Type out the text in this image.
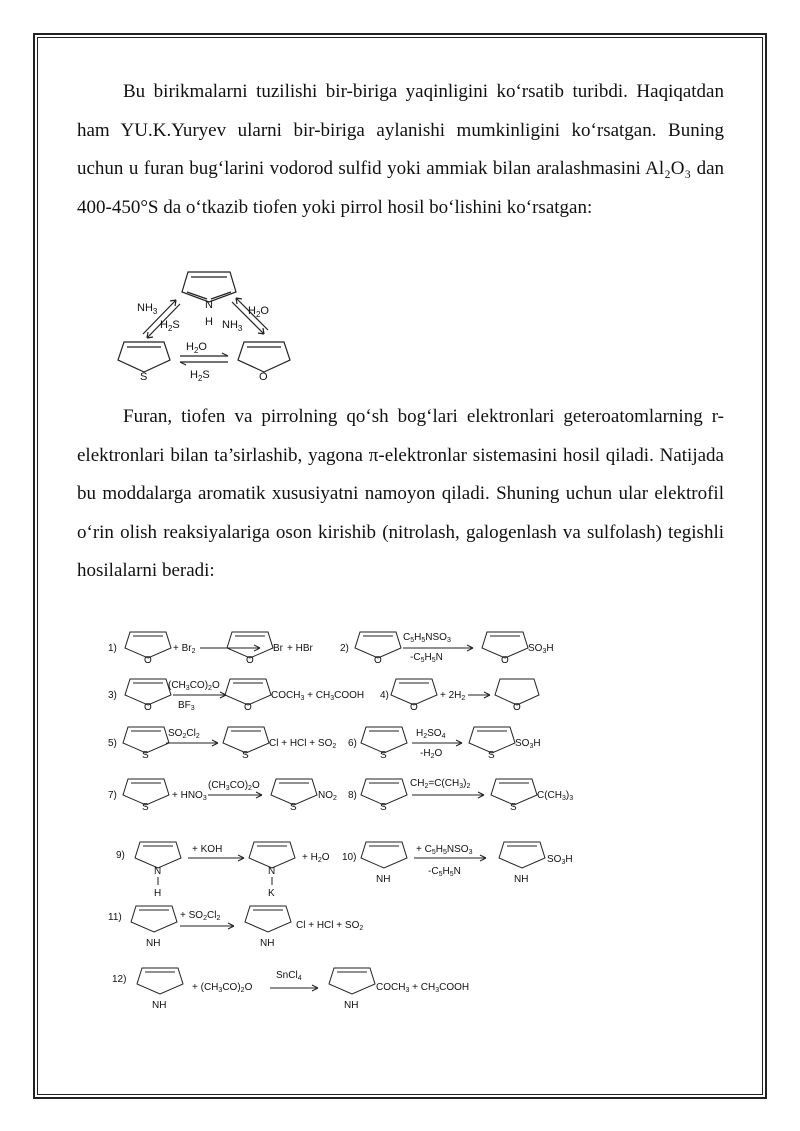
Bu birikmalarni tuzilishi bir-biriga yaqinligini ko‘rsatib turibdi. Haqiqatdan ham YU.K.Yuryev ularni bir-biriga aylanishi mumkinligini ko‘rsatgan. Buning uchun u furan bug‘larini vodorod sulfid yoki ammiak bilan aralashmasini Al₂O₃ dan 400-450°S da o‘tkazib tiofen yoki pirrol hosil bo‘lishini ko‘rsatgan:

N
H
S	O
$NH_3$
$H_2S$
$H_2O$
$NH_3$
$H_2O$
$H_2S$

Furan, tiofen va pirrolning qo‘sh bog‘lari elektronlari geteroatomlarning r-elektronlari bilan ta’sirlashib, yagona π-elektronlar sistemasini hosil qiladi. Natijada bu moddalarga aromatik xususiyatni namoyon qiladi. Shuning uchun ular elektrofil o‘rin olish reaksiyalariga oson kirishib (nitrolash, galogenlash va sulfolash) tegishli hosilalarni beradi:

1)
O
+ $Br_2$
O
Br + HBr	2)
O
$C_5H_5NSO_3$
$-C_5H_5N$	O
$SO_3H$
3)
O
$(CH_3CO)_2O$
$BF_3$	O
$COCH_3$ + $CH_3COOH$ 4)
O
+ $2H_2$
O
5)
S
$SO_2Cl_2$
S
Cl + HCl + $SO_2$ 6)
S
$H_2SO_4$
$-H_2O$	S
$SO_3H$
7)
S
+ $HNO_3$
$(CH_3CO)_2O$
S
$NO_2$ 8)
S
$CH_2=C(CH_3)_2$
S
$C(CH_3)_3$
9)
N
H
+ KOH
N
K
+ $H_2O$ 10)
NH
+ $C_5H_5NSO_3$
$-C_5H_5N$
NH
$SO_3H$
11)
NH
+ $SO_2Cl_2$
NH
Cl + HCl + $SO_2$
12)
NH
+ $(CH_3CO)_2O$
SnCl$_4$
NH
$COCH_3$ + $CH_3COOH$
